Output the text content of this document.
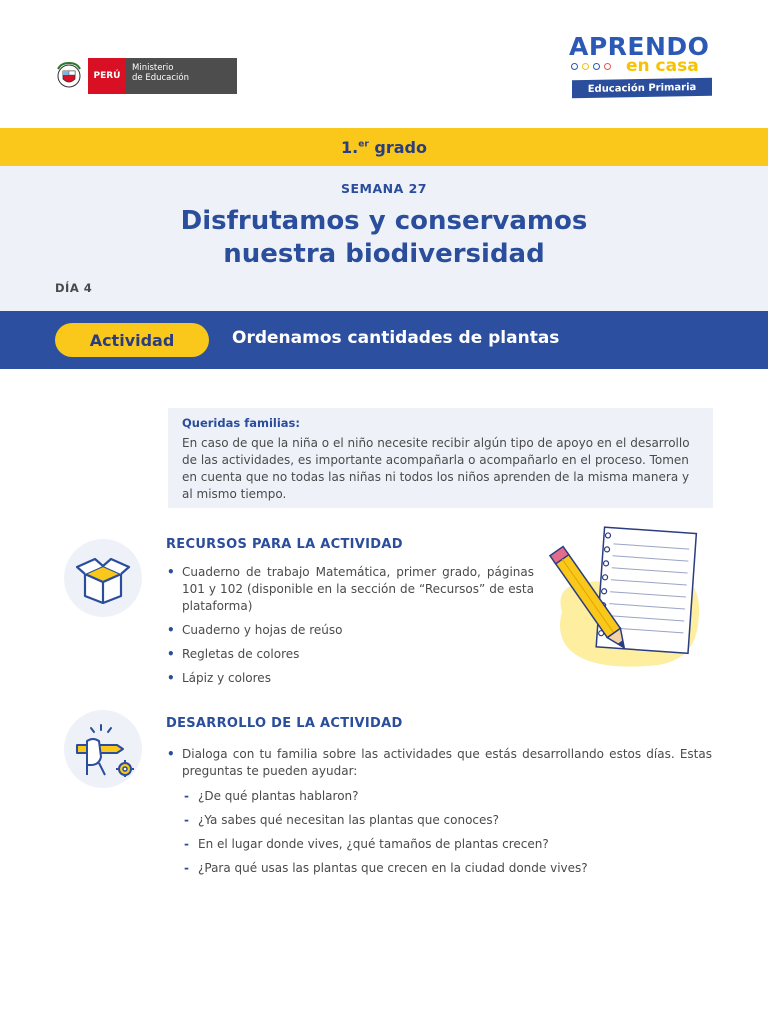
PERÚ
Ministerio
de Educación
APRENDO
en casa
Educación Primaria
1.$^{er}$ grado
SEMANA 27
Disfrutamos y conservamos
nuestra biodiversidad
DÍA 4
Actividad	Ordenamos cantidades de plantas
Queridas familias:
En caso de que la niña o el niño necesite recibir algún tipo de apoyo en el desarrollo de las actividades, es importante acompañarla o acompañarlo en el proceso. Tomen en cuenta que no todas las niñas ni todos los niños aprenden de la misma manera y al mismo tiempo.
RECURSOS PARA LA ACTIVIDAD
• Cuaderno de trabajo Matemática, primer grado, páginas 101 y 102 (disponible en la sección de “Recursos” de esta plataforma)
• Cuaderno y hojas de reúso
• Regletas de colores
• Lápiz y colores
DESARROLLO DE LA ACTIVIDAD
• Dialoga con tu familia sobre las actividades que estás desarrollando estos días. Estas preguntas te pueden ayudar:
- ¿De qué plantas hablaron?
- ¿Ya sabes qué necesitan las plantas que conoces?
- En el lugar donde vives, ¿qué tamaños de plantas crecen?
- ¿Para qué usas las plantas que crecen en la ciudad donde vives?
